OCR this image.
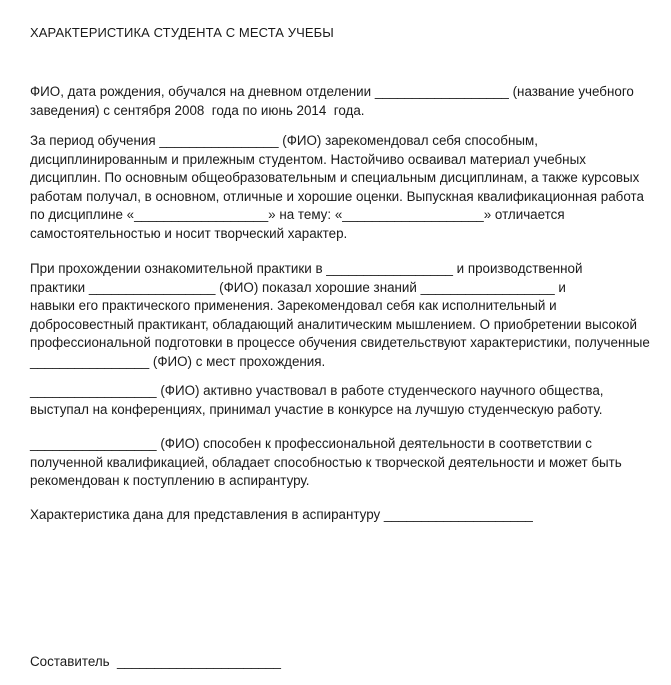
ХАРАКТЕРИСТИКА СТУДЕНТА С МЕСТА УЧЕБЫ
ФИО, дата рождения, обучался на дневном отделении __________________ (название учебного
заведения) с сентября 2008  года по июнь 2014  года.
За период обучения ________________ (ФИО) зарекомендовал себя способным,
дисциплинированным и прилежным студентом. Настойчиво осваивал материал учебных
дисциплин. По основным общеобразовательным и специальным дисциплинам, а также курсовых
работам получал, в основном, отличные и хорошие оценки. Выпускная квалификационная работа
по дисциплине «__________________» на тему: «___________________» отличается
самостоятельностью и носит творческий характер.
При прохождении ознакомительной практики в _________________ и производственной
практики _________________ (ФИО) показал хорошие знаний __________________ и
навыки его практического применения. Зарекомендовал себя как исполнительный и
добросовестный практикант, обладающий аналитическим мышлением. О приобретении высокой
профессиональной подготовки в процессе обучения свидетельствуют характеристики, полученные
________________ (ФИО) с мест прохождения.
_________________ (ФИО) активно участвовал в работе студенческого научного общества,
выступал на конференциях, принимал участие в конкурсе на лучшую студенческую работу.
_________________ (ФИО) способен к профессиональной деятельности в соответствии с
полученной квалификацией, обладает способностью к творческой деятельности и может быть
рекомендован к поступлению в аспирантуру.
Характеристика дана для представления в аспирантуру ____________________
Составитель  ______________________
